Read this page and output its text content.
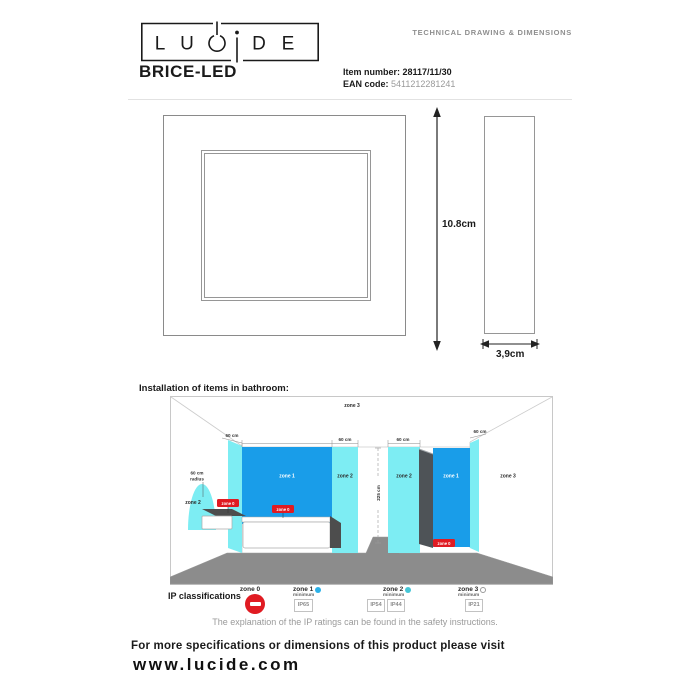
L U	D E
TECHNICAL DRAWING & DIMENSIONS
BRICE-LED	Item number: 28117/11/30
EAN code: 5411212281241
10.8cm
3,9cm
Installation of items in bathroom:
225 cm
zone 0
zone 0
zone 0
zone 3
zone 3
zone 1	zone 1
zone 2	zone 2
zone 2
60 cm
60 cm	60 cm
60 cm
60 cm
radius
IP classifications
zone 0	zone 1
minimum
IP65
zone 2
minimum
IP54	IP44
zone 3
minimum
IP21
The explanation of the IP ratings can be found in the safety instructions.
For more specifications or dimensions of this product please visit
www.lucide.com
